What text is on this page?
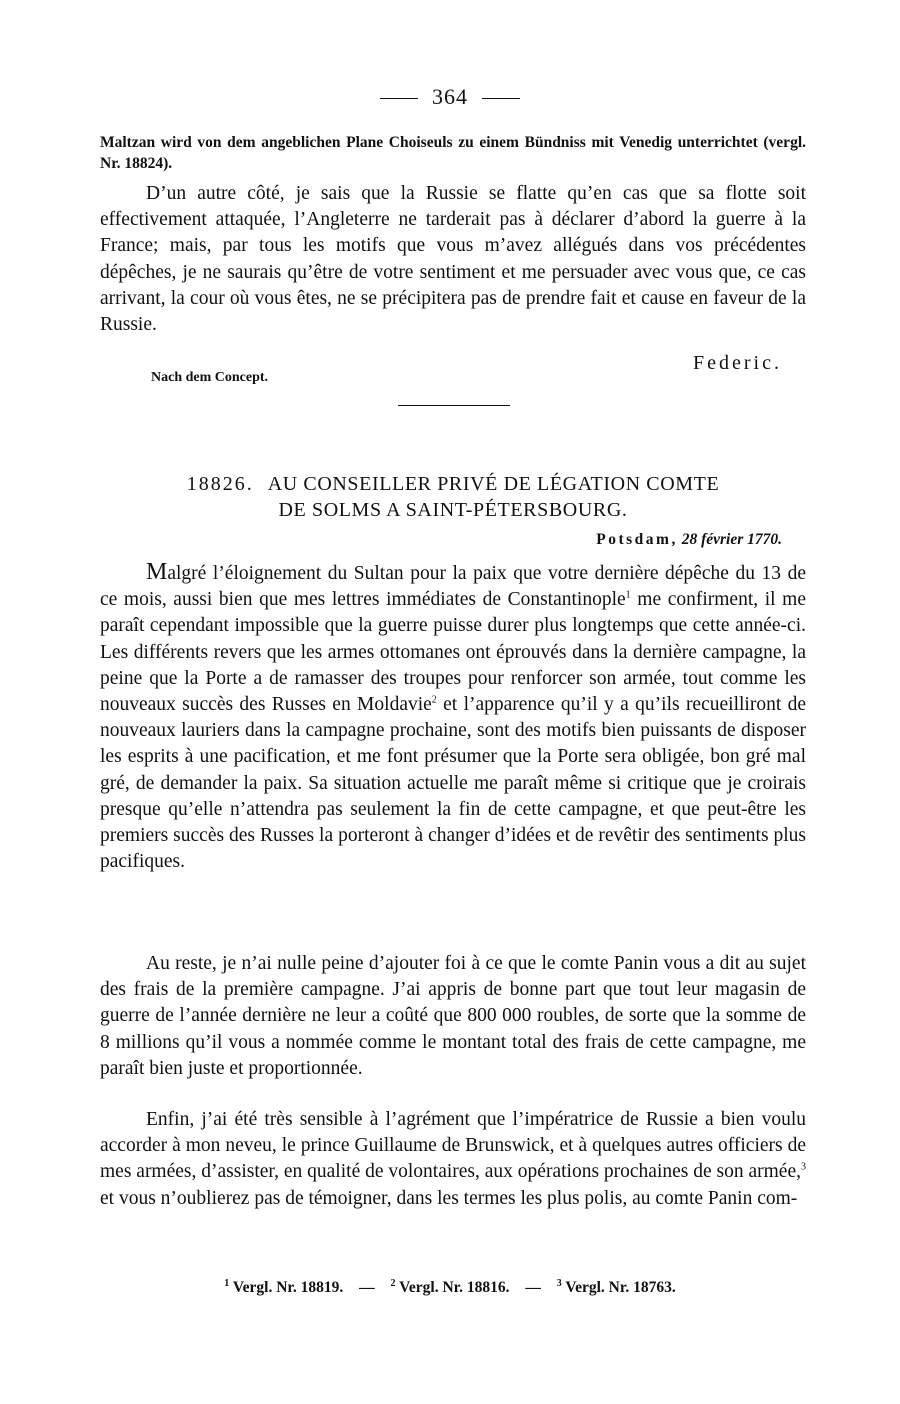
364
Maltzan wird von dem angeblichen Plane Choiseuls zu einem Bündniss mit Venedig unterrichtet (vergl. Nr. 18824).
D’un autre côté, je sais que la Russie se flatte qu’en cas que sa flotte soit effectivement attaquée, l’Angleterre ne tarderait pas à déclarer d’abord la guerre à la France; mais, par tous les motifs que vous m’avez allégués dans vos précédentes dépêches, je ne saurais qu’être de votre sentiment et me persuader avec vous que, ce cas arrivant, la cour où vous êtes, ne se précipitera pas de prendre fait et cause en faveur de la Russie.
Federic.
Nach dem Concept.
18826. AU CONSEILLER PRIVÉ DE LÉGATION COMTE
DE SOLMS A SAINT-PÉTERSBOURG.
Potsdam, 28 février 1770.
Malgré l’éloignement du Sultan pour la paix que votre dernière dépêche du 13 de ce mois, aussi bien que mes lettres immédiates de Constantinople$^1$ me confirment, il me paraît cependant impossible que la guerre puisse durer plus longtemps que cette année-ci. Les différents revers que les armes ottomanes ont éprouvés dans la dernière campagne, la peine que la Porte a de ramasser des troupes pour renforcer son armée, tout comme les nouveaux succès des Russes en Moldavie$^2$ et l’apparence qu’il y a qu’ils recueilliront de nouveaux lauriers dans la campagne prochaine, sont des motifs bien puissants de disposer les esprits à une pacification, et me font présumer que la Porte sera obligée, bon gré mal gré, de demander la paix. Sa situation actuelle me paraît même si critique que je croirais presque qu’elle n’attendra pas seulement la fin de cette campagne, et que peut-être les premiers succès des Russes la porteront à changer d’idées et de revêtir des sentiments plus pacifiques.
Au reste, je n’ai nulle peine d’ajouter foi à ce que le comte Panin vous a dit au sujet des frais de la première campagne. J’ai appris de bonne part que tout leur magasin de guerre de l’année dernière ne leur a coûté que 800 000 roubles, de sorte que la somme de 8 millions qu’il vous a nommée comme le montant total des frais de cette campagne, me paraît bien juste et proportionnée.
Enfin, j’ai été très sensible à l’agrément que l’impératrice de Russie a bien voulu accorder à mon neveu, le prince Guillaume de Brunswick, et à quelques autres officiers de mes armées, d’assister, en qualité de volontaires, aux opérations prochaines de son armée,$^3$ et vous n’oublierez pas de témoigner, dans les termes les plus polis, au comte Panin com-
$^1$ Vergl. Nr. 18819. — $^2$ Vergl. Nr. 18816. — $^3$ Vergl. Nr. 18763.
